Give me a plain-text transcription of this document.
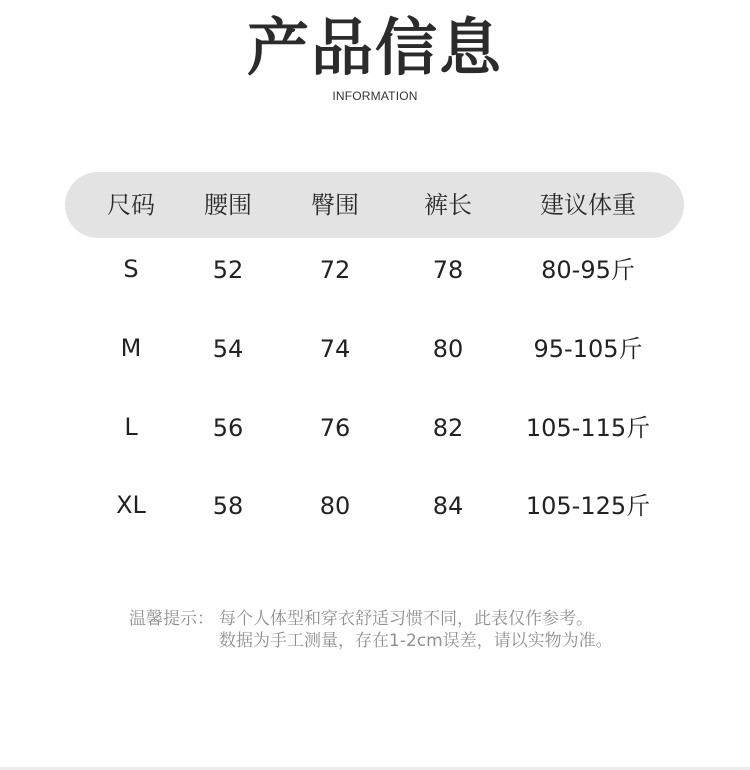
产品信息
INFORMATION
尺码 腰围 臀围	裤长	建议体重
S	52	72	78	80-95斤
M	54	74	80	95-105斤
L	56	76	82	105-115斤
XL	58	80	84	105-125斤
温馨提示： 每个人体型和穿衣舒适习惯不同，此表仅作参考。
数据为手工测量，存在1-2cm误差，请以实物为准。
